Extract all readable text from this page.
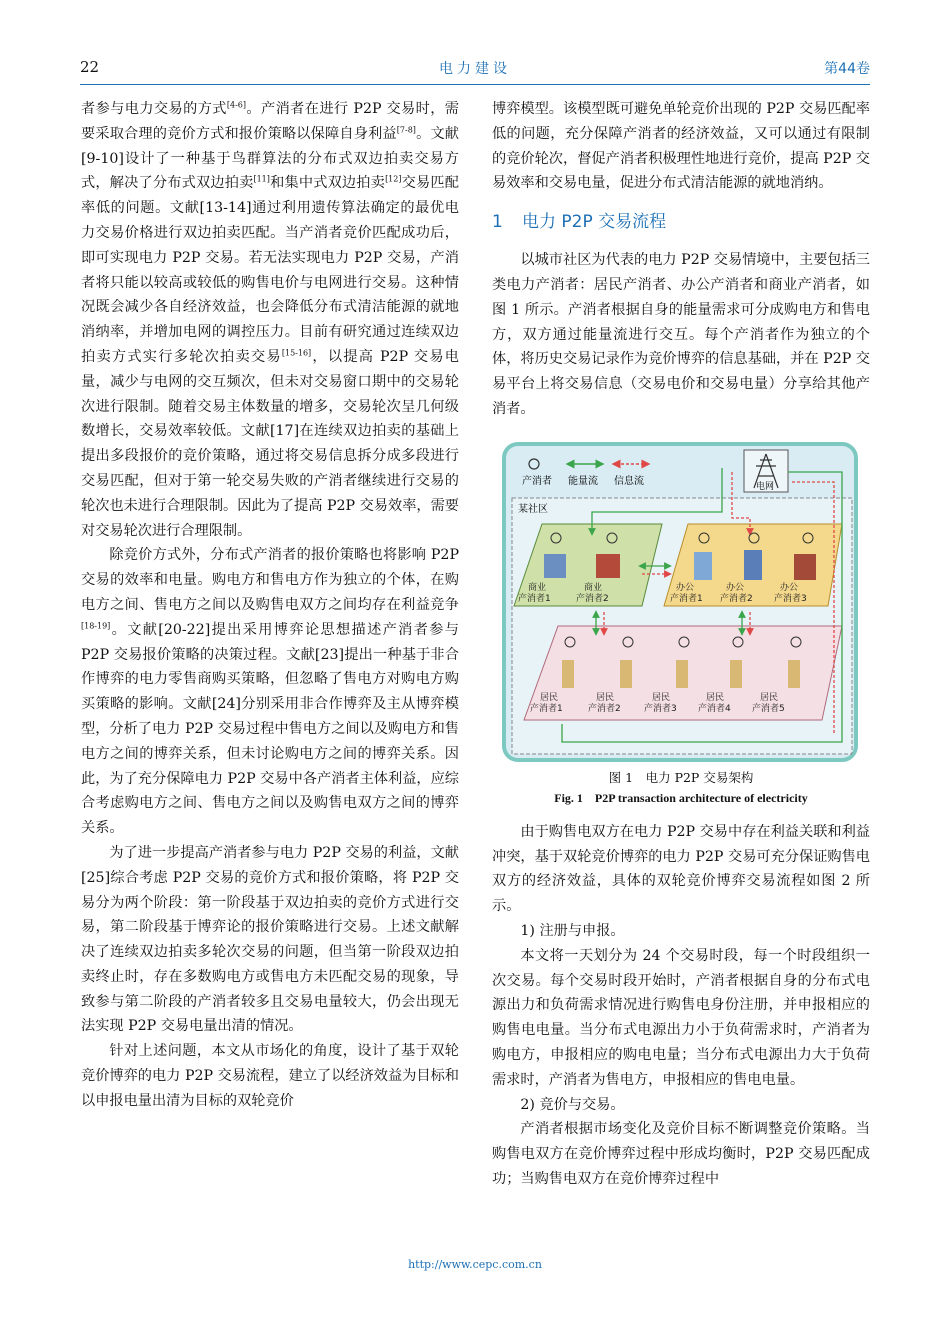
22	电力建设	第44卷

者参与电力交易的方式[4-6]。产消者在进行 P2P 交易时，需要采取合理的竞价方式和报价策略以保障自身利益[7-8]。文献[9-10]设计了一种基于鸟群算法的分布式双边拍卖交易方式，解决了分布式双边拍卖[11]和集中式双边拍卖[12]交易匹配率低的问题。文献[13-14]通过利用遗传算法确定的最优电力交易价格进行双边拍卖匹配。当产消者竞价匹配成功后，即可实现电力 P2P 交易。若无法实现电力 P2P 交易，产消者将只能以较高或较低的购售电价与电网进行交易。这种情况既会减少各自经济效益，也会降低分布式清洁能源的就地消纳率，并增加电网的调控压力。目前有研究通过连续双边拍卖方式实行多轮次拍卖交易[15-16]，以提高 P2P 交易电量，减少与电网的交互频次，但未对交易窗口期中的交易轮次进行限制。随着交易主体数量的增多，交易轮次呈几何级数增长，交易效率较低。文献[17]在连续双边拍卖的基础上提出多段报价的竞价策略，通过将交易信息拆分成多段进行交易匹配，但对于第一轮交易失败的产消者继续进行交易的轮次也未进行合理限制。因此为了提高 P2P 交易效率，需要对交易轮次进行合理限制。

除竞价方式外，分布式产消者的报价策略也将影响 P2P 交易的效率和电量。购电方和售电方作为独立的个体，在购电方之间、售电方之间以及购售电双方之间均存在利益竞争[18-19]。文献[20-22]提出采用博弈论思想描述产消者参与 P2P 交易报价策略的决策过程。文献[23]提出一种基于非合作博弈的电力零售商购买策略，但忽略了售电方对购电方购买策略的影响。文献[24]分别采用非合作博弈及主从博弈模型，分析了电力 P2P 交易过程中售电方之间以及购电方和售电方之间的博弈关系，但未讨论购电方之间的博弈关系。因此，为了充分保障电力 P2P 交易中各产消者主体利益，应综合考虑购电方之间、售电方之间以及购售电双方之间的博弈关系。

为了进一步提高产消者参与电力 P2P 交易的利益，文献[25]综合考虑 P2P 交易的竞价方式和报价策略，将 P2P 交易分为两个阶段：第一阶段基于双边拍卖的竞价方式进行交易，第二阶段基于博弈论的报价策略进行交易。上述文献解决了连续双边拍卖多轮次交易的问题，但当第一阶段双边拍卖终止时，存在多数购电方或售电方未匹配交易的现象，导致参与第二阶段的产消者较多且交易电量较大，仍会出现无法实现 P2P 交易电量出清的情况。

针对上述问题，本文从市场化的角度，设计了基于双轮竞价博弈的电力 P2P 交易流程，建立了以经济效益为目标和以申报电量出清为目标的双轮竞价

博弈模型。该模型既可避免单轮竞价出现的 P2P 交易匹配率低的问题，充分保障产消者的经济效益，又可以通过有限制的竞价轮次，督促产消者积极理性地进行竞价，提高 P2P 交易效率和交易电量，促进分布式清洁能源的就地消纳。

1 电力 P2P 交易流程

以城市社区为代表的电力 P2P 交易情境中，主要包括三类电力产消者：居民产消者、办公产消者和商业产消者，如图 1 所示。产消者根据自身的能量需求可分成购电方和售电方，双方通过能量流进行交互。每个产消者作为独立的个体，将历史交易记录作为竞价博弈的信息基础，并在 P2P 交易平台上将交易信息（交易电价和交易电量）分享给其他产消者。

产消者 能量流 信息流	电网
某社区
商业
产消者1
商业
产消者2
办公
产消者1
办公
产消者2
办公
产消者3
居民
产消者1
居民
产消者2
居民
产消者3
居民
产消者4
居民
产消者5
图 1　电力 P2P 交易架构
Fig. 1　P2P transaction architecture of electricity

由于购售电双方在电力 P2P 交易中存在利益关联和利益冲突，基于双轮竞价博弈的电力 P2P 交易可充分保证购售电双方的经济效益，具体的双轮竞价博弈交易流程如图 2 所示。

1) 注册与申报。

本文将一天划分为 24 个交易时段，每一个时段组织一次交易。每个交易时段开始时，产消者根据自身的分布式电源出力和负荷需求情况进行购售电身份注册，并申报相应的购售电电量。当分布式电源出力小于负荷需求时，产消者为购电方，申报相应的购电电量；当分布式电源出力大于负荷需求时，产消者为售电方，申报相应的售电电量。

2) 竞价与交易。

产消者根据市场变化及竞价目标不断调整竞价策略。当购售电双方在竞价博弈过程中形成均衡时，P2P 交易匹配成功；当购售电双方在竞价博弈过程中

http://www.cepc.com.cn
